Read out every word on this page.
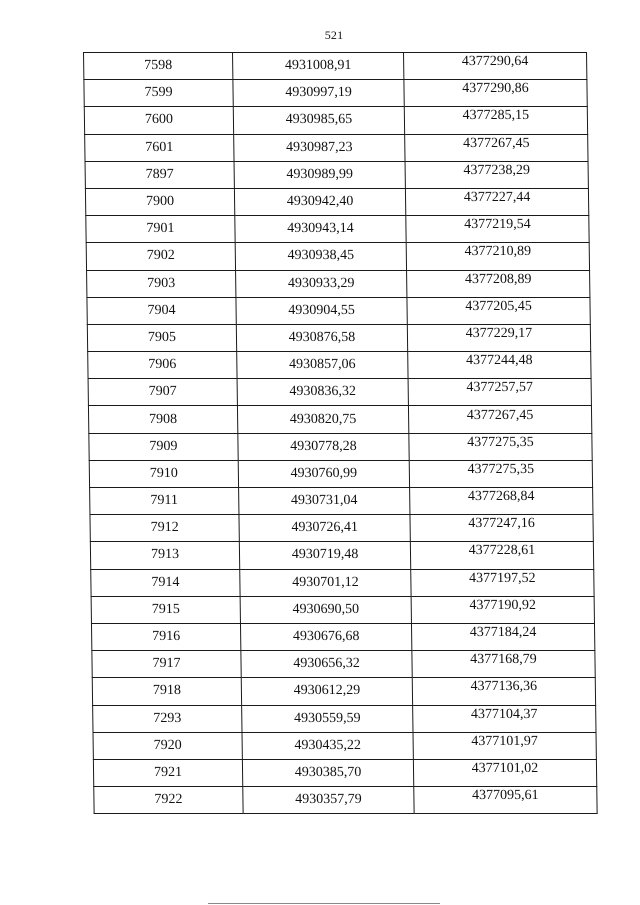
521
7598	4931008,91	4377290,64
7599	4930997,19	4377290,86
7600	4930985,65	4377285,15
7601	4930987,23	4377267,45
7897	4930989,99	4377238,29
7900	4930942,40	4377227,44
7901	4930943,14	4377219,54
7902	4930938,45	4377210,89
7903	4930933,29	4377208,89
7904	4930904,55	4377205,45
7905	4930876,58	4377229,17
7906	4930857,06	4377244,48
7907	4930836,32	4377257,57
7908	4930820,75	4377267,45
7909	4930778,28	4377275,35
7910	4930760,99	4377275,35
7911	4930731,04	4377268,84
7912	4930726,41	4377247,16
7913	4930719,48	4377228,61
7914	4930701,12	4377197,52
7915	4930690,50	4377190,92
7916	4930676,68	4377184,24
7917	4930656,32	4377168,79
7918	4930612,29	4377136,36
7293	4930559,59	4377104,37
7920	4930435,22	4377101,97
7921	4930385,70	4377101,02
7922	4930357,79	4377095,61
